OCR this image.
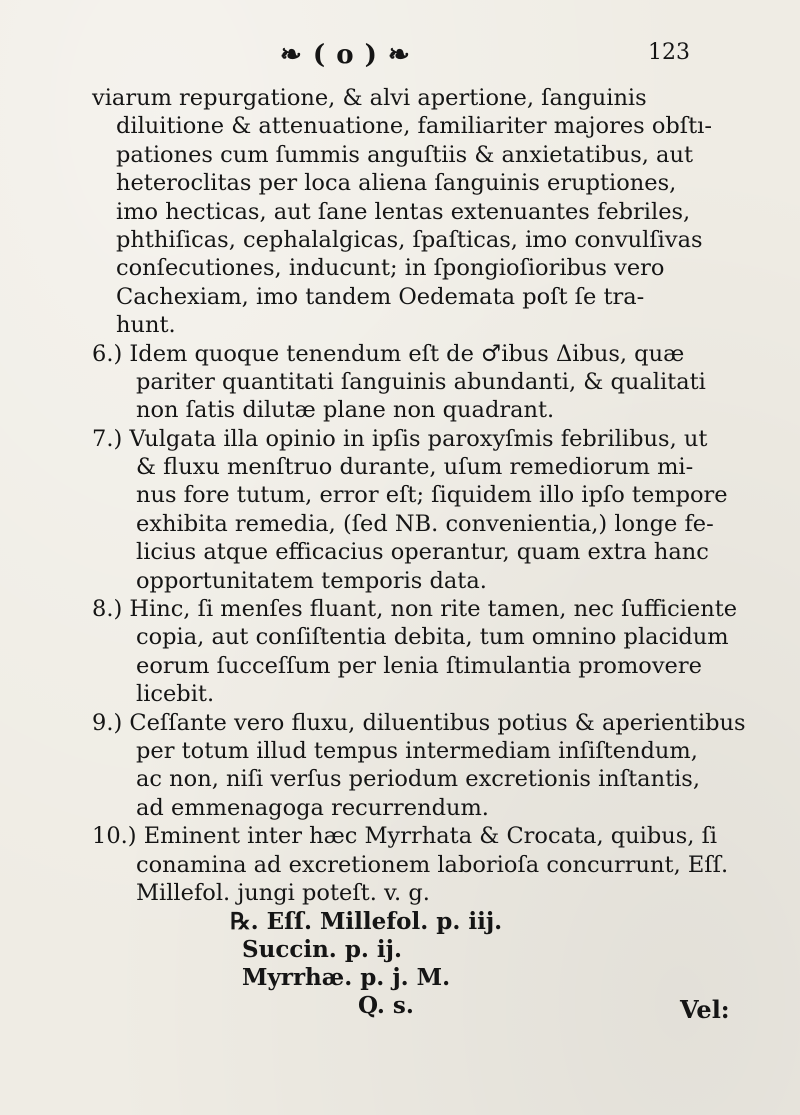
❧ ( o ) ❧	123
viarum repurgatione, & alvi apertione, ſanguinis
diluitione & attenuatione, familiariter majores obſtı-
pationes cum ſummis anguſtiis & anxietatibus, aut
heteroclitas per loca aliena ſanguinis eruptiones,
imo hecticas, aut ſane lentas extenuantes febriles,
phthiſicas, cephalalgicas, ſpaſticas, imo convulſivas
conſecutiones, inducunt; in ſpongioſioribus vero
Cachexiam, imo tandem Oedemata poſt ſe tra-
hunt.
6.) Idem quoque tenendum eſt de ♂ibus Δibus, quæ
pariter quantitati ſanguinis abundanti, & qualitati
non ſatis dilutæ plane non quadrant.
7.) Vulgata illa opinio in ipſis paroxyſmis febrilibus, ut
& fluxu menſtruo durante, uſum remediorum mi-
nus fore tutum, error eſt; ſiquidem illo ipſo tempore
exhibita remedia, (ſed NB. convenientia,) longe fe-
licius atque efficacius operantur, quam extra hanc
opportunitatem temporis data.
8.) Hinc, ſi menſes fluant, non rite tamen, nec ſufficiente
copia, aut conſiſtentia debita, tum omnino placidum
eorum ſucceſſum per lenia ſtimulantia promovere
licebit.
9.) Ceſſante vero fluxu, diluentibus potius & aperientibus
per totum illud tempus intermediam inſiſtendum,
ac non, niſi verſus periodum excretionis inſtantis,
ad emmenagoga recurrendum.
10.) Eminent inter hæc Myrrhata & Crocata, quibus, ſi
conamina ad excretionem laborioſa concurrunt, Eſſ.
Millefol. jungi poteſt. v. g.
℞. Eſſ. Millefol. p. iij.
Succin. p. ij.
Myrrhæ. p. j. M.
Q. s.	Vel:
